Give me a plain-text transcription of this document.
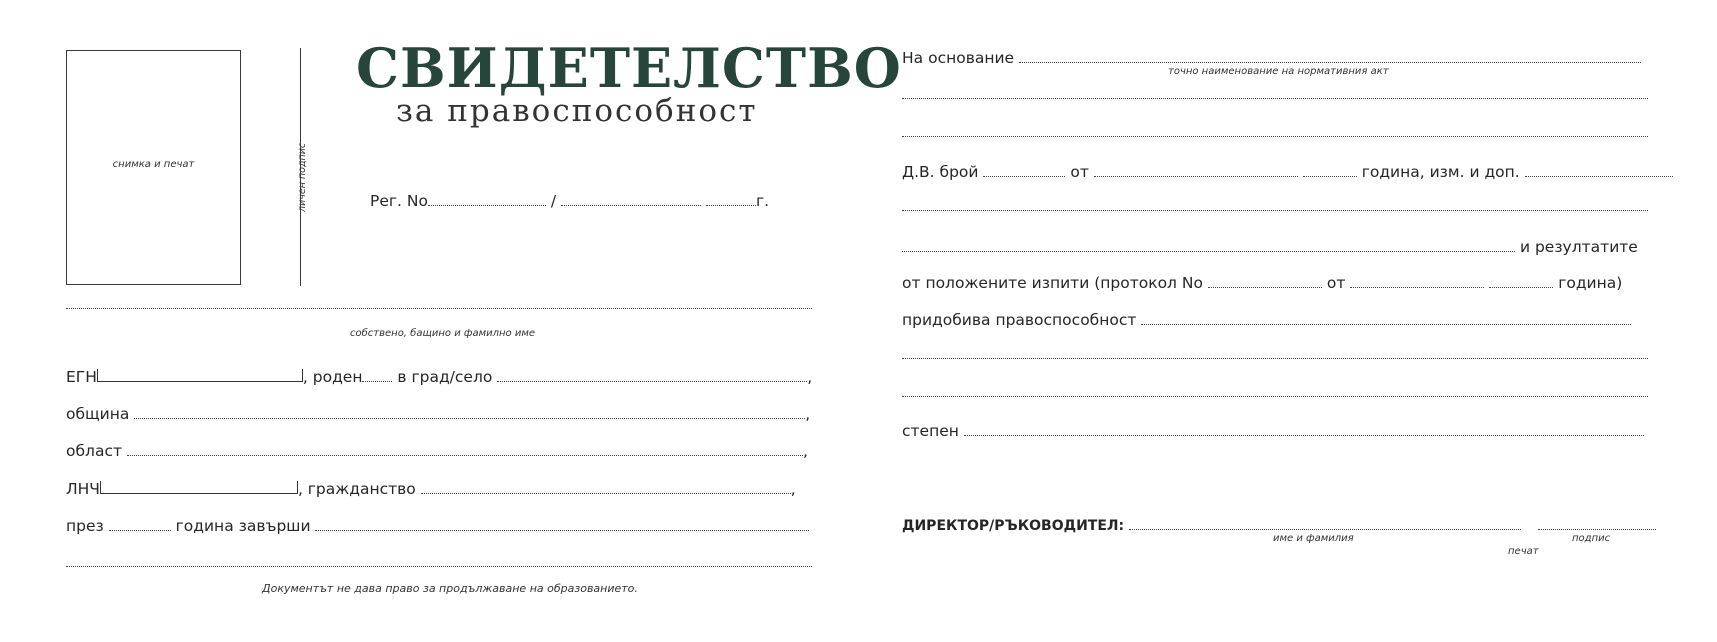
снимка и печат	личен подпис
СВИДЕТЕЛСТВО
за правоспособност
Рег. No	/	г.
собствено, бащино и фамилно име
ЕГН	, роден в град/село	,
община	,
област	,
ЛНЧ	, гражданство	,
през	година завърши
Документът не дава право за продължаване на образованието.
На основание
точно наименование на нормативния акт
Д.В. брой	от	година, изм. и доп.
и резултатите
от положените изпити (протокол No	от	година)
придобива правоспособност
степен
ДИРЕКТОР/РЪКОВОДИТЕЛ:
име и фамилия	подпис
печат
